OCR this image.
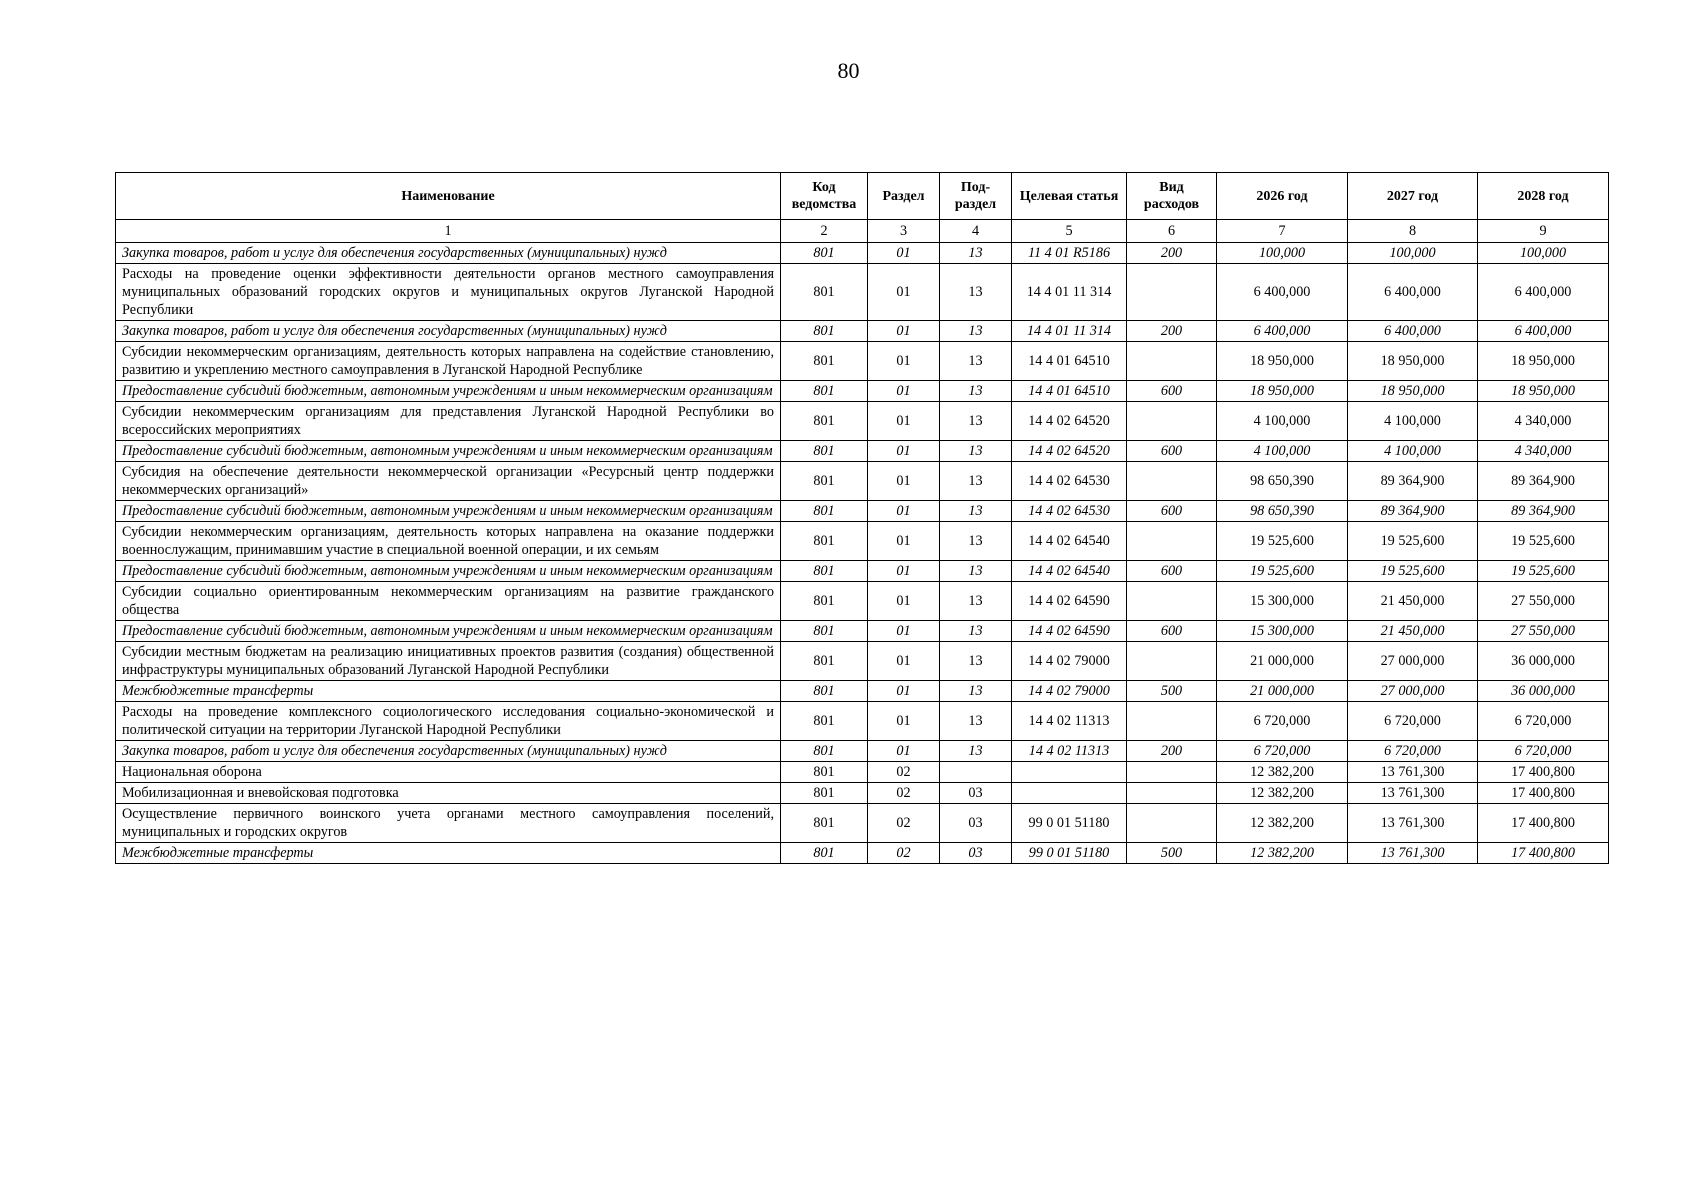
80
Наименование	Код ведомства	Раздел	Под-раздел	Целевая статья	Вид расходов	2026 год	2027 год	2028 год
1	2	3	4	5	6	7	8	9
Закупка товаров, работ и услуг для обеспечения государственных (муниципальных) нужд	801	01	13	11 4 01 R5186	200	100,000	100,000	100,000
Расходы на проведение оценки эффективности деятельности органов местного самоуправления муниципальных образований городских округов и муниципальных округов Луганской Народной Республики	801	01	13	14 4 01 11 314		6 400,000	6 400,000	6 400,000
Закупка товаров, работ и услуг для обеспечения государственных (муниципальных) нужд	801	01	13	14 4 01 11 314	200	6 400,000	6 400,000	6 400,000
Субсидии некоммерческим организациям, деятельность которых направлена на содействие становлению, развитию и укреплению местного самоуправления в Луганской Народной Республике	801	01	13	14 4 01 64510		18 950,000	18 950,000	18 950,000
Предоставление субсидий бюджетным, автономным учреждениям и иным некоммерческим организациям	801	01	13	14 4 01 64510	600	18 950,000	18 950,000	18 950,000
Субсидии некоммерческим организациям для представления Луганской Народной Республики во всероссийских мероприятиях	801	01	13	14 4 02 64520		4 100,000	4 100,000	4 340,000
Предоставление субсидий бюджетным, автономным учреждениям и иным некоммерческим организациям	801	01	13	14 4 02 64520	600	4 100,000	4 100,000	4 340,000
Субсидия на обеспечение деятельности некоммерческой организации «Ресурсный центр поддержки некоммерческих организаций»	801	01	13	14 4 02 64530		98 650,390	89 364,900	89 364,900
Предоставление субсидий бюджетным, автономным учреждениям и иным некоммерческим организациям	801	01	13	14 4 02 64530	600	98 650,390	89 364,900	89 364,900
Субсидии некоммерческим организациям, деятельность которых направлена на оказание поддержки военнослужащим, принимавшим участие в специальной военной операции, и их семьям	801	01	13	14 4 02 64540		19 525,600	19 525,600	19 525,600
Предоставление субсидий бюджетным, автономным учреждениям и иным некоммерческим организациям	801	01	13	14 4 02 64540	600	19 525,600	19 525,600	19 525,600
Субсидии социально ориентированным некоммерческим организациям на развитие гражданского общества	801	01	13	14 4 02 64590		15 300,000	21 450,000	27 550,000
Предоставление субсидий бюджетным, автономным учреждениям и иным некоммерческим организациям	801	01	13	14 4 02 64590	600	15 300,000	21 450,000	27 550,000
Субсидии местным бюджетам на реализацию инициативных проектов развития (создания) общественной инфраструктуры муниципальных образований Луганской Народной Республики	801	01	13	14 4 02 79000		21 000,000	27 000,000	36 000,000
Межбюджетные трансферты	801	01	13	14 4 02 79000	500	21 000,000	27 000,000	36 000,000
Расходы на проведение комплексного социологического исследования социально-экономической и политической ситуации на территории Луганской Народной Республики	801	01	13	14 4 02 11313		6 720,000	6 720,000	6 720,000
Закупка товаров, работ и услуг для обеспечения государственных (муниципальных) нужд	801	01	13	14 4 02 11313	200	6 720,000	6 720,000	6 720,000
Национальная оборона	801	02				12 382,200	13 761,300	17 400,800
Мобилизационная и вневойсковая подготовка	801	02	03			12 382,200	13 761,300	17 400,800
Осуществление первичного воинского учета органами местного самоуправления поселений, муниципальных и городских округов	801	02	03	99 0 01 51180		12 382,200	13 761,300	17 400,800
Межбюджетные трансферты	801	02	03	99 0 01 51180	500	12 382,200	13 761,300	17 400,800
